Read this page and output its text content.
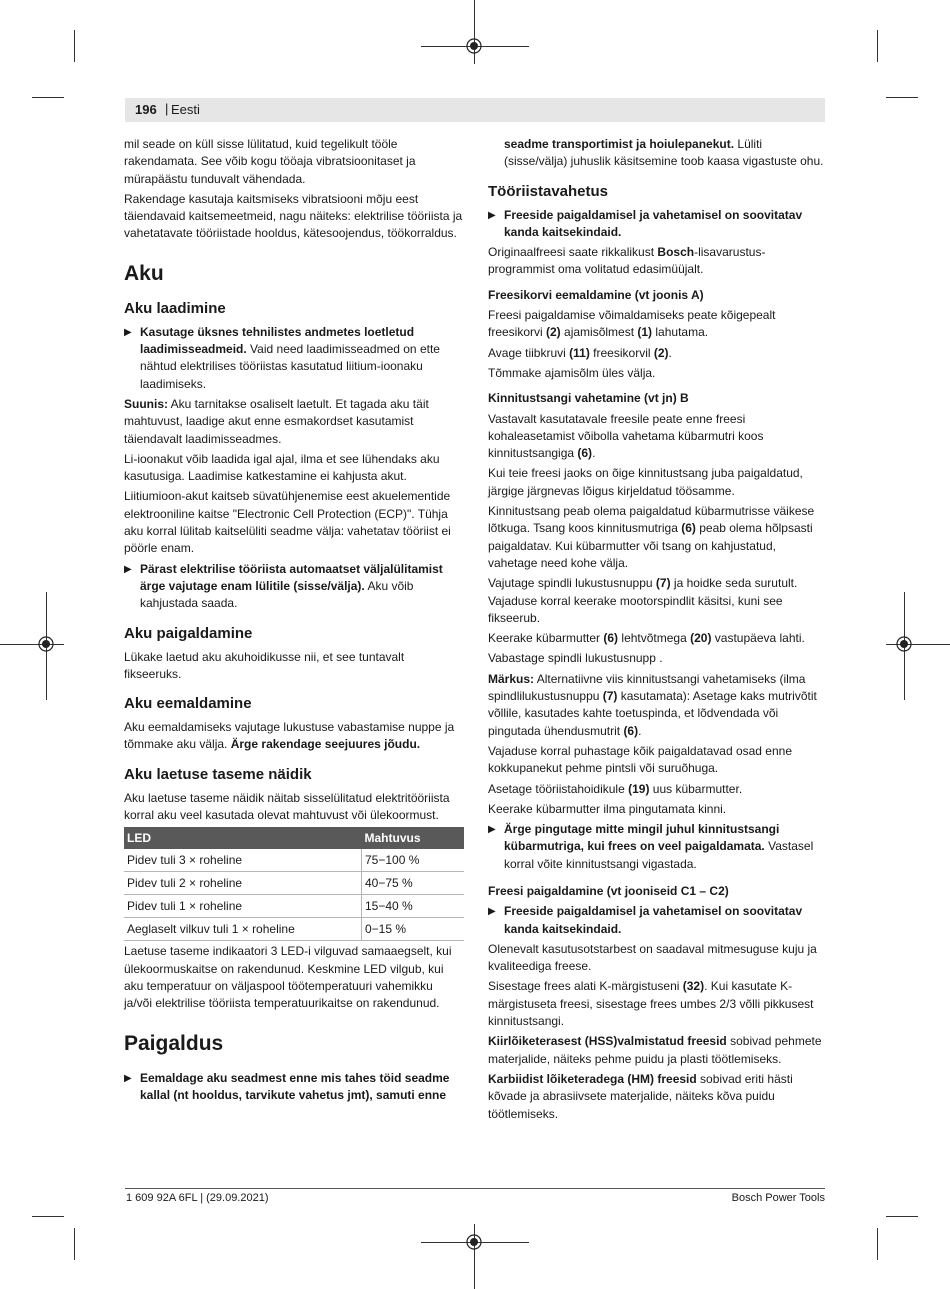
196 | Eesti

mil seade on küll sisse lülitatud, kuid tegelikult tööle rakendamata. See võib kogu tööaja vibratsioonitaset ja mürapäästu tunduvalt vähendada.

Rakendage kasutaja kaitsmiseks vibratsiooni mõju eest täiendavaid kaitsemeetmeid, nagu näiteks: elektrilise tööriista ja vahetatavate tööriistade hooldus, kätesoojendus, töökorraldus.

Aku
Aku laadimine
▶ Kasutage üksnes tehnilistes andmetes loetletud laadimisseadmeid. Vaid need laadimisseadmed on ette nähtud elektrilises tööriistas kasutatud liitium-ioonaku laadimiseks.

Suunis: Aku tarnitakse osaliselt laetult. Et tagada aku täit mahtuvust, laadige akut enne esmakordset kasutamist täiendavalt laadimisseadmes.

Li-ioonakut võib laadida igal ajal, ilma et see lühendaks aku kasutusiga. Laadimise katkestamine ei kahjusta akut.

Liitiumioon-akut kaitseb süvatühjenemise eest akuelementide elektrooniline kaitse "Electronic Cell Protection (ECP)". Tühja aku korral lülitab kaitselüliti seadme välja: vahetatav tööriist ei pöörle enam.

▶ Pärast elektrilise tööriista automaatset väljalülitamist ärge vajutage enam lülitile (sisse/välja). Aku võib kahjustada saada.
Aku paigaldamine

Lükake laetud aku akuhoidikusse nii, et see tuntavalt fikseeruks.

Aku eemaldamine

Aku eemaldamiseks vajutage lukustuse vabastamise nuppe ja tõmmake aku välja. Ärge rakendage seejuures jõudu.

Aku laetuse taseme näidik

Aku laetuse taseme näidik näitab sisselülitatud elektritööriista korral aku veel kasutada olevat mahtuvust või ülekoormust.

LED	Mahtuvus
Pidev tuli 3 × roheline	75−100 %
Pidev tuli 2 × roheline	40−75 %
Pidev tuli 1 × roheline	15−40 %
Aeglaselt vilkuv tuli 1 × roheline	0−15 %

Laetuse taseme indikaatori 3 LED-i vilguvad samaaegselt, kui ülekoormuskaitse on rakendunud. Keskmine LED vilgub, kui aku temperatuur on väljaspool töötemperatuuri vahemikku ja/või elektrilise tööriista temperatuurikaitse on rakendunud.

Paigaldus
▶ Eemaldage aku seadmest enne mis tahes töid seadme kallal (nt hooldus, tarvikute vahetus jmt), samuti enne

seadme transportimist ja hoiulepanekut. Lüliti (sisse/välja) juhuslik käsitsemine toob kaasa vigastuste ohu.

Tööriistavahetus
▶ Freeside paigaldamisel ja vahetamisel on soovitatav kanda kaitsekindaid.

Originaalfreesi saate rikkalikust Bosch-lisavarustus-programmist oma volitatud edasimüüjalt.

Freesikorvi eemaldamine (vt joonis A)

Freesi paigaldamise võimaldamiseks peate kõigepealt freesikorvi (2) ajamisõlmest (1) lahutama.

Avage tiibkruvi (11) freesikorvil (2).

Tõmmake ajamisõlm üles välja.

Kinnitustsangi vahetamine (vt jn) B

Vastavalt kasutatavale freesile peate enne freesi kohaleasetamist võibolla vahetama kübarmutri koos kinnitustsangiga (6).

Kui teie freesi jaoks on õige kinnitustsang juba paigaldatud, järgige järgnevas lõigus kirjeldatud töösamme.

Kinnitustsang peab olema paigaldatud kübarmutrisse väikese lõtkuga. Tsang koos kinnitusmutriga (6) peab olema hõlpsasti paigaldatav. Kui kübarmutter või tsang on kahjustatud, vahetage need kohe välja.

Vajutage spindli lukustusnuppu (7) ja hoidke seda surutult. Vajaduse korral keerake mootorspindlit käsitsi, kuni see fikseerub.

Keerake kübarmutter (6) lehtvõtmega (20) vastupäeva lahti.

Vabastage spindli lukustusnupp .

Märkus: Alternatiivne viis kinnitustsangi vahetamiseks (ilma spindlilukustusnuppu (7) kasutamata): Asetage kaks mutrivõtit võllile, kasutades kahte toetuspinda, et lõdvendada või pingutada ühendusmutrit (6).

Vajaduse korral puhastage kõik paigaldatavad osad enne kokkupanekut pehme pintsli või suruõhuga.

Asetage tööriistahoidikule (19) uus kübarmutter.

Keerake kübarmutter ilma pingutamata kinni.

▶ Ärge pingutage mitte mingil juhul kinnitustsangi kübarmutriga, kui frees on veel paigaldamata. Vastasel korral võite kinnitustsangi vigastada.
Freesi paigaldamine (vt jooniseid C1 – C2)
▶ Freeside paigaldamisel ja vahetamisel on soovitatav kanda kaitsekindaid.

Olenevalt kasutusotstarbest on saadaval mitmesuguse kuju ja kvaliteediga freese.

Sisestage frees alati K-märgistuseni (32). Kui kasutate K-märgistuseta freesi, sisestage frees umbes 2/3 võlli pikkusest kinnitustsangi.

Kiirlõiketerasest (HSS)valmistatud freesid sobivad pehmete materjalide, näiteks pehme puidu ja plasti töötlemiseks.

Karbiidist lõiketeradega (HM) freesid sobivad eriti hästi kõvade ja abrasiivsete materjalide, näiteks kõva puidu töötlemiseks.

1 609 92A 6FL | (29.09.2021)	Bosch Power Tools
